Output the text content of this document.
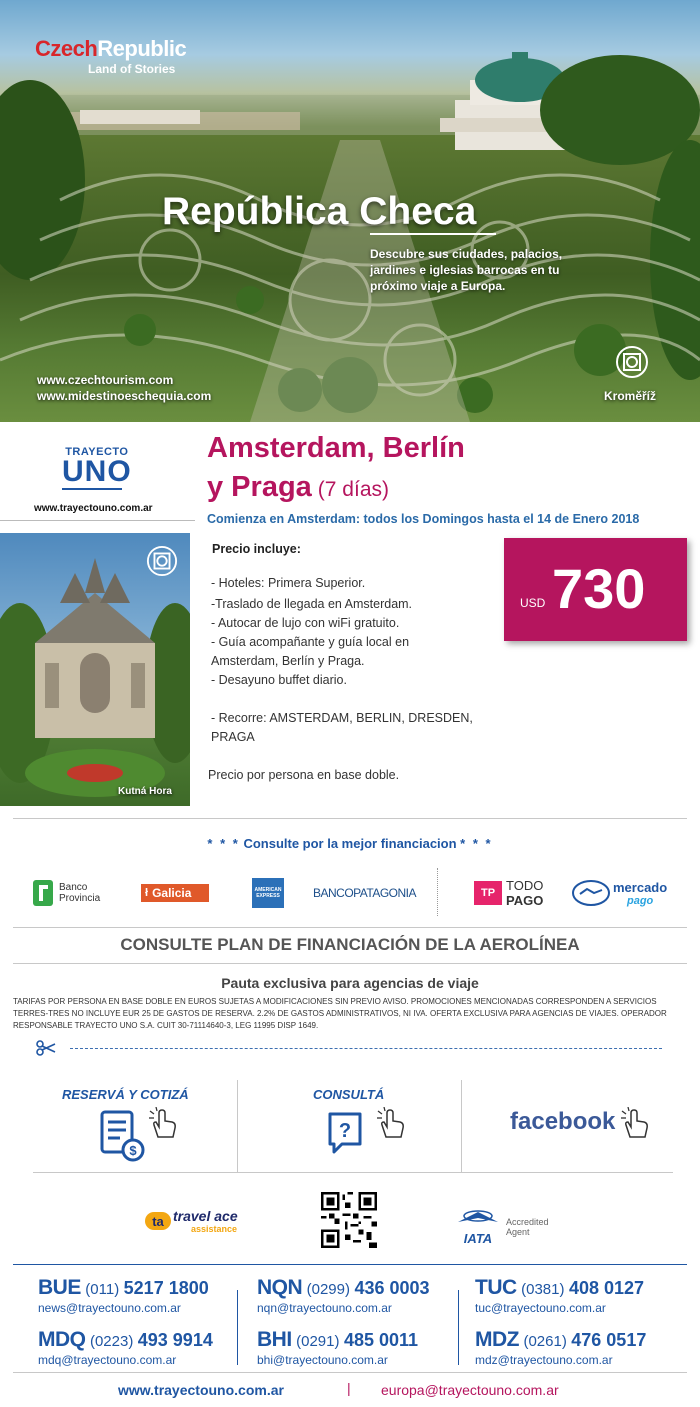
CzechRepublic
Land of Stories
República Checa
Descubre sus ciudades, palacios, jardines e iglesias barrocas en tu próximo viaje a Europa.
www.czechtourism.com
www.midestinoeschequia.com	Kroměříž
TRAYECTO
UNO
www.trayectouno.com.ar
Amsterdam, Berlín
y Praga (7 días)
Comienza en Amsterdam: todos los Domingos hasta el 14 de Enero 2018
Kutná Hora
Precio incluye:
- Hoteles: Primera Superior.
-Traslado de llegada en Amsterdam.
- Autocar de lujo con wiFi gratuito.
- Guía acompañante y guía local en
Amsterdam, Berlín y Praga.
- Desayuno buffet diario.
- Recorre: AMSTERDAM, BERLIN, DRESDEN,
PRAGA
Precio por persona en base doble.
USD 730
* * * Consulte por la mejor financiacion * * *
Banco
Provincia	ł Galicia	AMERICAN EXPRESS	BANCOPATAGONIA	TP TODO
PAGO
mercado
pago
CONSULTE PLAN DE FINANCIACIÓN DE LA AEROLÍNEA
Pauta exclusiva para agencias de viaje
TARIFAS POR PERSONA EN BASE DOBLE EN EUROS SUJETAS A MODIFICACIONES SIN PREVIO AVISO. PROMOCIONES MENCIONADAS CORRESPONDEN A SERVICIOS TERRES-TRES NO INCLUYE EUR 25 DE GASTOS DE RESERVA. 2.2% DE GASTOS ADMINISTRATIVOS, NI IVA. OFERTA EXCLUSIVA PARA AGENCIAS DE VIAJES. OPERADOR RESPONSABLE TRAYECTO UNO S.A. CUIT 30-71114640-3, LEG 11995 DISP 1649.
RESERVÁ Y COTIZÁ
$
CONSULTÁ
?	facebook
ta travel ace
assistance
IATA
Accredited
Agent
BUE (011) 5217 1800
news@trayectouno.com.ar
NQN (0299) 436 0003
nqn@trayectouno.com.ar
TUC (0381) 408 0127
tuc@trayectouno.com.ar
MDQ (0223) 493 9914
mdq@trayectouno.com.ar
BHI (0291) 485 0011
bhi@trayectouno.com.ar
MDZ (0261) 476 0517
mdz@trayectouno.com.ar
www.trayectouno.com.ar	| europa@trayectouno.com.ar
